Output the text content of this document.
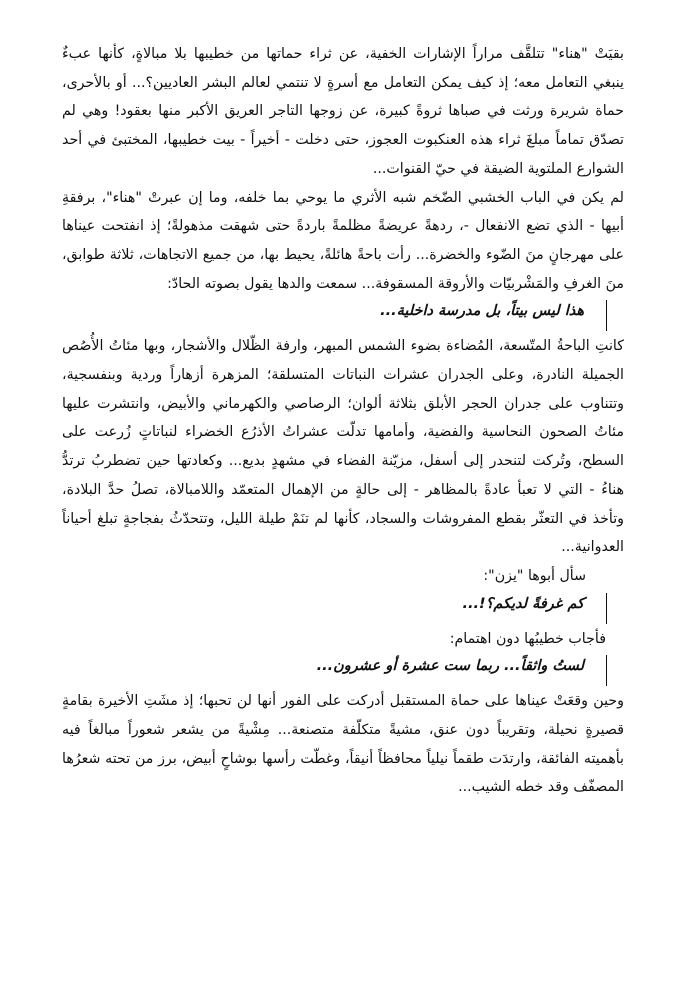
بقيَتْ "هناء" تتلقَّف مراراً الإشارات الخفية، عن ثراء حماتها من خطيبها بلا مبالاةٍ، كأنها عبءٌ ينبغي التعامل معه؛ إذ كيف يمكن التعامل مع أسرةٍ لا تنتمي لعالم البشر العاديين؟... أو بالأحرى، حماة شريرة ورثت في صباها ثروةً كبيرة، عن زوجها التاجر العريق الأكبر منها بعقود! وهي لم تصدّق تماماً مبلغَ ثراء هذه العنكبوت العجوز، حتى دخلت - أخيراً - بيت خطيبها، المختبئ في أحد الشوارع الملتوية الضيقة في حيّ القنوات...

لم يكن في الباب الخشبي الضّخم شبه الأثري ما يوحي بما خلفه، وما إن عبرتْ "هناء"، برفقةِ أبيها - الذي تضع الانفعال -، ردهةً عريضةً مظلمةً باردةً حتى شهقت مذهولةً؛ إذ انفتحت عيناها على مهرجانٍ منَ الضّوء والخضرة... رأت باحةً هائلةً، يحيط بها، من جميع الاتجاهات، ثلاثة طوابق، منَ الغرفِ والمَشْربيّات والأروقة المسقوفة... سمعت والدها يقول بصوته الحادّ:

هذا ليس بيتاً، بل مدرسة داخلية...

كانتِ الباحةُ المتّسعة، المُضاءة بضوء الشمس المبهر، وارفة الظّلال والأشجار، وبها مئاتُ الأُصُص الجميلة النادرة، وعلى الجدران عشرات النباتات المتسلقة؛ المزهرة أزهاراً وردية وبنفسجية، وتتناوب على جدران الحجر الأبلق بثلاثة ألوان؛ الرصاصي والكهرماني والأبيض، وانتشرت عليها مئاتُ الصحون النحاسية والفضية، وأمامها تدلّت عشراتُ الأذرُع الخضراء لنباتاتٍ زُرعت على السطح، وتُركت لتنحدر إلى أسفل، مزيّنة الفضاء في مشهدٍ بديع... وكعادتها حين تضطربُ ترتدُّ هناءُ - التي لا تعبأ عادةً بالمظاهر - إلى حالةٍ من الإهمال المتعمّد واللامبالاة، تصلُ حدَّ البلادة، وتأخذ في التعثّر بقطع المفروشات والسجاد، كأنها لم تنَمْ طيلة الليل، وتتحدّثُ بفجاجةٍ تبلغ أحياناً العدوانية...

سأل أبوها "يزن":

كم غرفةً لديكم؟!...

فأجاب خطيبُها دون اهتمام:

لستُ واثقاً... ربما ست عشرة أو عشرون...

وحين وقعَتْ عيناها على حماة المستقبل أدركت على الفور أنها لن تحبها؛ إذ مشَتِ الأخيرة بقامةٍ قصيرةٍ نحيلة، وتقريباً دون عنق، مشيةً متكلّفة متصنعة... مِشْيةً من يشعر شعوراً مبالغاً فيه بأهميته الفائقة، وارتدَت طقماً نيلياً محافظاً أنيقاً، وغطّت رأسها بوشاحٍ أبيض، برز من تحته شعرُها المصفّف وقد خطه الشيب...
